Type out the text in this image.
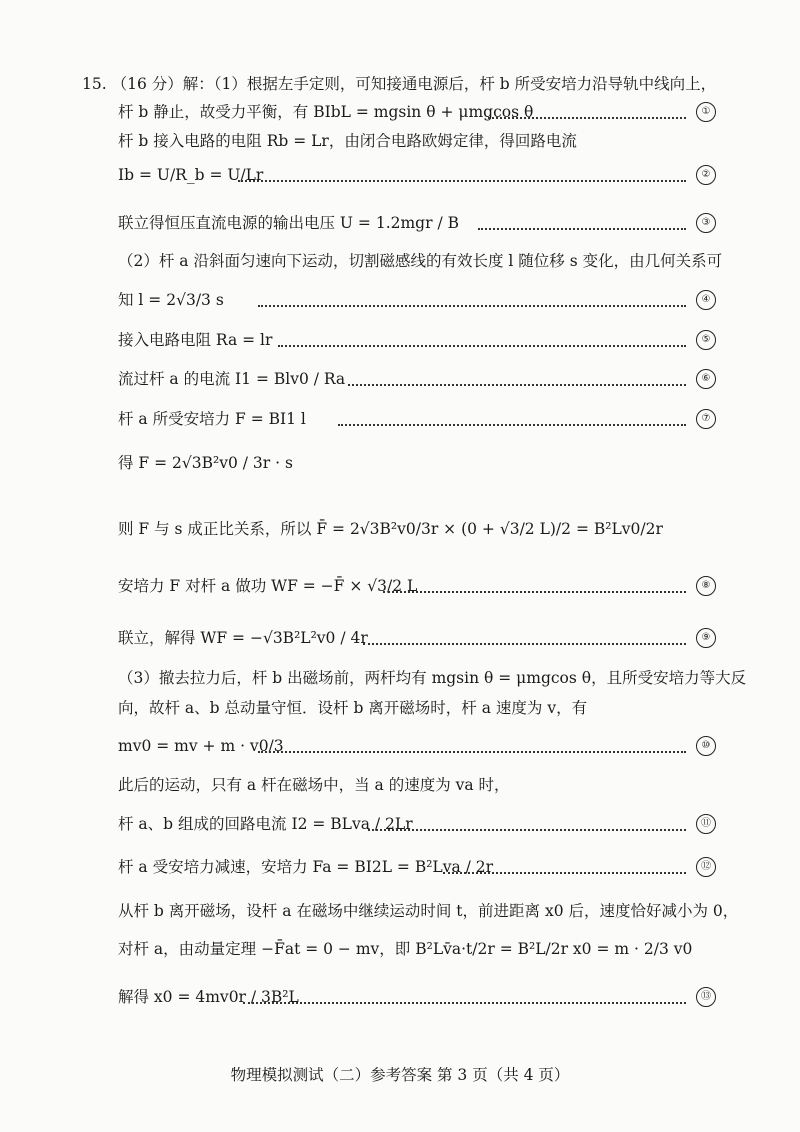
15. （16 分）解：（1）根据左手定则，可知接通电源后，杆 b 所受安培力沿导轨中线向上，
杆 b 静止，故受力平衡，有 BIbL = mgsin θ + μmgcos θ	①
杆 b 接入电路的电阻 Rb = Lr，由闭合电路欧姆定律，得回路电流
Ib = U/R_b = U/Lr	②
联立得恒压直流电源的输出电压 U = 1.2mgr / B	③
（2）杆 a 沿斜面匀速向下运动，切割磁感线的有效长度 l 随位移 s 变化，由几何关系可
知 l = 2√3/3 s	④
接入电路电阻 Ra = lr	⑤
流过杆 a 的电流 I1 = Blv0 / Ra	⑥
杆 a 所受安培力 F = BI1 l	⑦
得 F = 2√3B²v0 / 3r · s
则 F 与 s 成正比关系，所以 F̄ = 2√3B²v0/3r × (0 + √3/2 L)/2 = B²Lv0/2r
安培力 F 对杆 a 做功 WF = −F̄ × √3/2 L	⑧
联立，解得 WF = −√3B²L²v0 / 4r	⑨
（3）撤去拉力后，杆 b 出磁场前，两杆均有 mgsin θ = μmgcos θ，且所受安培力等大反
向，故杆 a、b 总动量守恒．设杆 b 离开磁场时，杆 a 速度为 v，有
mv0 = mv + m · v0/3	⑩
此后的运动，只有 a 杆在磁场中，当 a 的速度为 va 时，
杆 a、b 组成的回路电流 I2 = BLva / 2Lr	⑪
杆 a 受安培力减速，安培力 Fa = BI2L = B²Lva / 2r	⑫
从杆 b 离开磁场，设杆 a 在磁场中继续运动时间 t，前进距离 x0 后，速度恰好减小为 0，
对杆 a，由动量定理 −F̄at = 0 − mv，即 B²Lv̄a·t/2r = B²L/2r x0 = m · 2/3 v0
解得 x0 = 4mv0r / 3B²L	⑬
物理模拟测试（二）参考答案 第 3 页（共 4 页）
